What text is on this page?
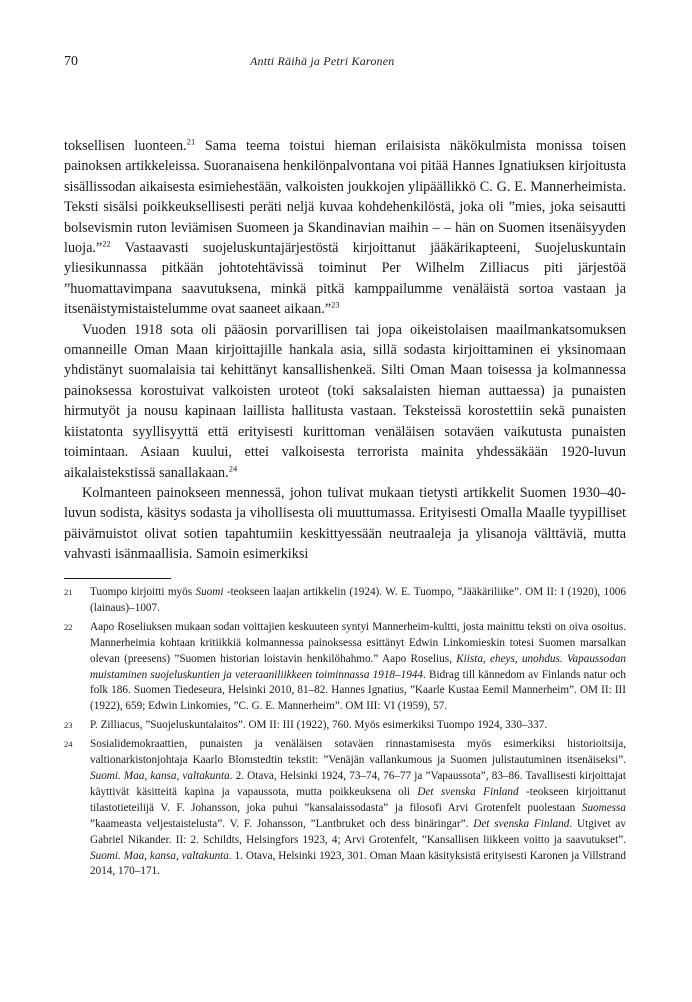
70	Antti Räihä ja Petri Karonen

toksellisen luonteen.$^{21}$ Sama teema toistui hieman erilaisista näkökulmista monissa toisen painoksen artikkeleissa. Suoranaisena henkilönpalvontana voi pitää Hannes Ignatiuksen kirjoitusta sisällissodan aikaisesta esimiehestään, valkoisten joukkojen ylipäällikkö C. G. E. Mannerheimista. Teksti sisälsi poikkeuksellisesti peräti neljä kuvaa kohdehenkilöstä, joka oli ”mies, joka seisautti bolsevismin ruton leviämisen Suomeen ja Skandinavian maihin – – hän on Suomen itsenäisyyden luoja.”$^{22}$ Vastaavasti suojeluskuntajärjestöstä kirjoittanut jääkärikapteeni, Suojeluskuntain yliesikunnassa pitkään johtotehtävissä toiminut Per Wilhelm Zilliacus piti järjestöä ”huomattavimpana saavutuksena, minkä pitkä kamppailumme venäläistä sortoa vastaan ja itsenäistymistaistelumme ovat saaneet aikaan.”$^{23}$

Vuoden 1918 sota oli pääosin porvarillisen tai jopa oikeistolaisen maailmankatsomuksen omanneille Oman Maan kirjoittajille hankala asia, sillä sodasta kirjoittaminen ei yksinomaan yhdistänyt suomalaisia tai kehittänyt kansallishenkeä. Silti Oman Maan toisessa ja kolmannessa painoksessa korostuivat valkoisten uroteot (toki saksalaisten hieman auttaessa) ja punaisten hirmutyöt ja nousu kapinaan laillista hallitusta vastaan. Teksteissä korostettiin sekä punaisten kiistatonta syyllisyyttä että erityisesti kurittoman venäläisen sotaväen vaikutusta punaisten toimintaan. Asiaan kuului, ettei valkoisesta terrorista mainita yhdessäkään 1920-luvun aikalaistekstissä sanallakaan.$^{24}$

Kolmanteen painokseen mennessä, johon tulivat mukaan tietysti artikkelit Suomen 1930–40-luvun sodista, käsitys sodasta ja vihollisesta oli muuttumassa. Erityisesti Omalla Maalle tyypilliset päivämuistot olivat sotien tapahtumiin keskittyessään neutraaleja ja ylisanoja välttäviä, mutta vahvasti isänmaallisia. Samoin esimerkiksi

21	Tuompo kirjoitti myös Suomi -teokseen laajan artikkelin (1924). W. E. Tuompo, ”Jääkäriliike”. OM II: I (1920), 1006 (lainaus)–1007.
22	Aapo Roseliuksen mukaan sodan voittajien keskuuteen syntyi Mannerheim-kultti, josta mainittu teksti on oiva osoitus. Mannerheimia kohtaan kritiikkiä kolmannessa painoksessa esittänyt Edwin Linkomieskin totesi Suomen marsalkan olevan (preesens) ”Suomen historian loistavin henkilöhahmo.” Aapo Roselius, Kiista, eheys, unohdus. Vapaussodan muistaminen suojeluskuntien ja veteraaniliikkeen toiminnassa 1918–1944. Bidrag till kännedom av Finlands natur och folk 186. Suomen Tiedeseura, Helsinki 2010, 81–82. Hannes Ignatius, ”Kaarle Kustaa Eemil Mannerheim”. OM II: III (1922), 659; Edwin Linkomies, ”C. G. E. Mannerheim”. OM III: VI (1959), 57.
23	P. Zilliacus, ”Suojeluskuntalaitos”. OM II: III (1922), 760. Myös esimerkiksi Tuompo 1924, 330–337.
24	Sosialidemokraattien, punaisten ja venäläisen sotaväen rinnastamisesta myös esimerkiksi historioitsija, valtionarkistonjohtaja Kaarlo Blomstedtin tekstit: ”Venäjän vallankumous ja Suomen julistautuminen itsenäiseksi”. Suomi. Maa, kansa, valtakunta. 2. Otava, Helsinki 1924, 73–74, 76–77 ja ”Vapaussota”, 83–86. Tavallisesti kirjoittajat käyttivät käsitteitä kapina ja vapaussota, mutta poikkeuksena oli Det svenska Finland -teokseen kirjoittanut tilastotieteilijä V. F. Johansson, joka puhui ”kansalaissodasta” ja filosofi Arvi Grotenfelt puolestaan Suomessa ”kaameasta veljestaistelusta”. V. F. Johansson, ”Lantbruket och dess binäringar”. Det svenska Finland. Utgivet av Gabriel Nikander. II: 2. Schildts, Helsingfors 1923, 4; Arvi Grotenfelt, ”Kansallisen liikkeen voitto ja saavutukset”. Suomi. Maa, kansa, valtakunta. 1. Otava, Helsinki 1923, 301. Oman Maan käsityksistä erityisesti Karonen ja Villstrand 2014, 170–171.
